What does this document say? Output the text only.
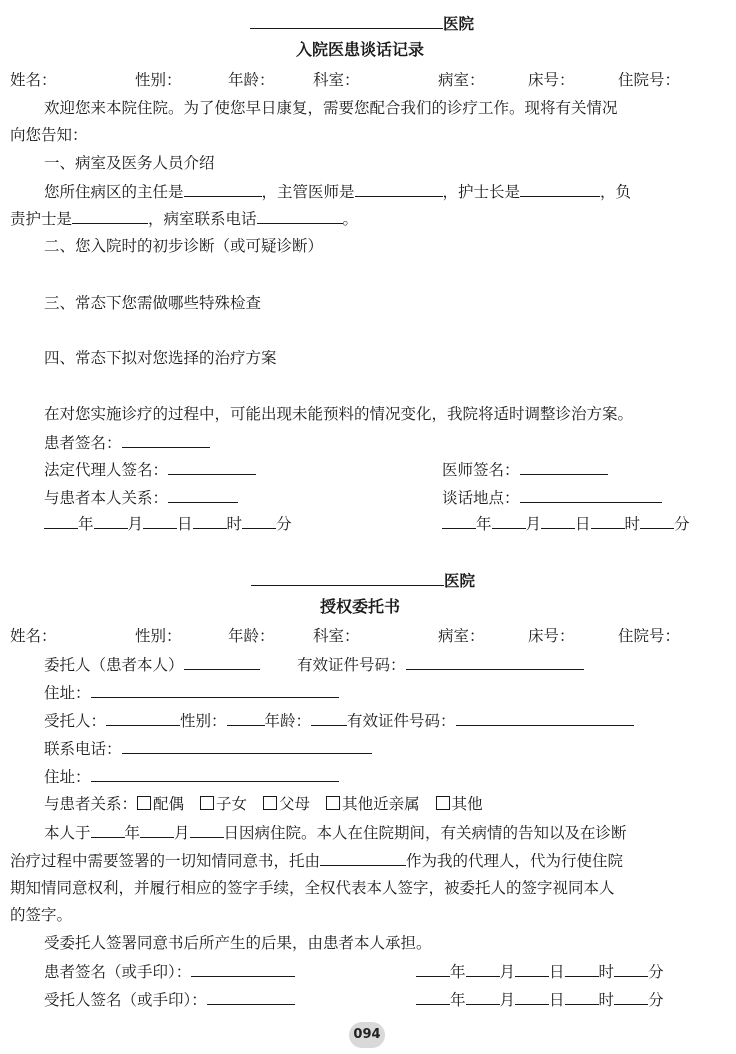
医院
入院医患谈话记录
姓名：	性别：	年龄： 科室：	病室：	床号：	住院号：
欢迎您来本院住院。为了使您早日康复，需要您配合我们的诊疗工作。现将有关情况
向您告知：
一、病室及医务人员介绍
您所住病区的主任是	，主管医师是	，护士长是	，负
责护士是	，病室联系电话	。
二、您入院时的初步诊断（或可疑诊断）
三、常态下您需做哪些特殊检查
四、常态下拟对您选择的治疗方案
在对您实施诊疗的过程中，可能出现未能预料的情况变化，我院将适时调整诊治方案。
患者签名：
法定代理人签名：	医师签名：
与患者本人关系：	谈话地点：
年 月 日 时 分	年 月 日 时 分
医院
授权委托书
姓名：	性别：	年龄： 科室：	病室：	床号：	住院号：
委托人（患者本人）	有效证件号码：
住址：
受托人：	性别： 年龄： 有效证件号码：
联系电话：
住址：
与患者关系： 配偶 子女 父母 其他近亲属 其他
本人于 年 月 日因病住院。本人在住院期间，有关病情的告知以及在诊断
治疗过程中需要签署的一切知情同意书，托由	作为我的代理人，代为行使住院
期知情同意权利，并履行相应的签字手续，全权代表本人签字，被委托人的签字视同本人
的签字。
受委托人签署同意书后所产生的后果，由患者本人承担。
患者签名（或手印）：	年 月 日 时 分
受托人签名（或手印）：	年 月 日 时 分
094
